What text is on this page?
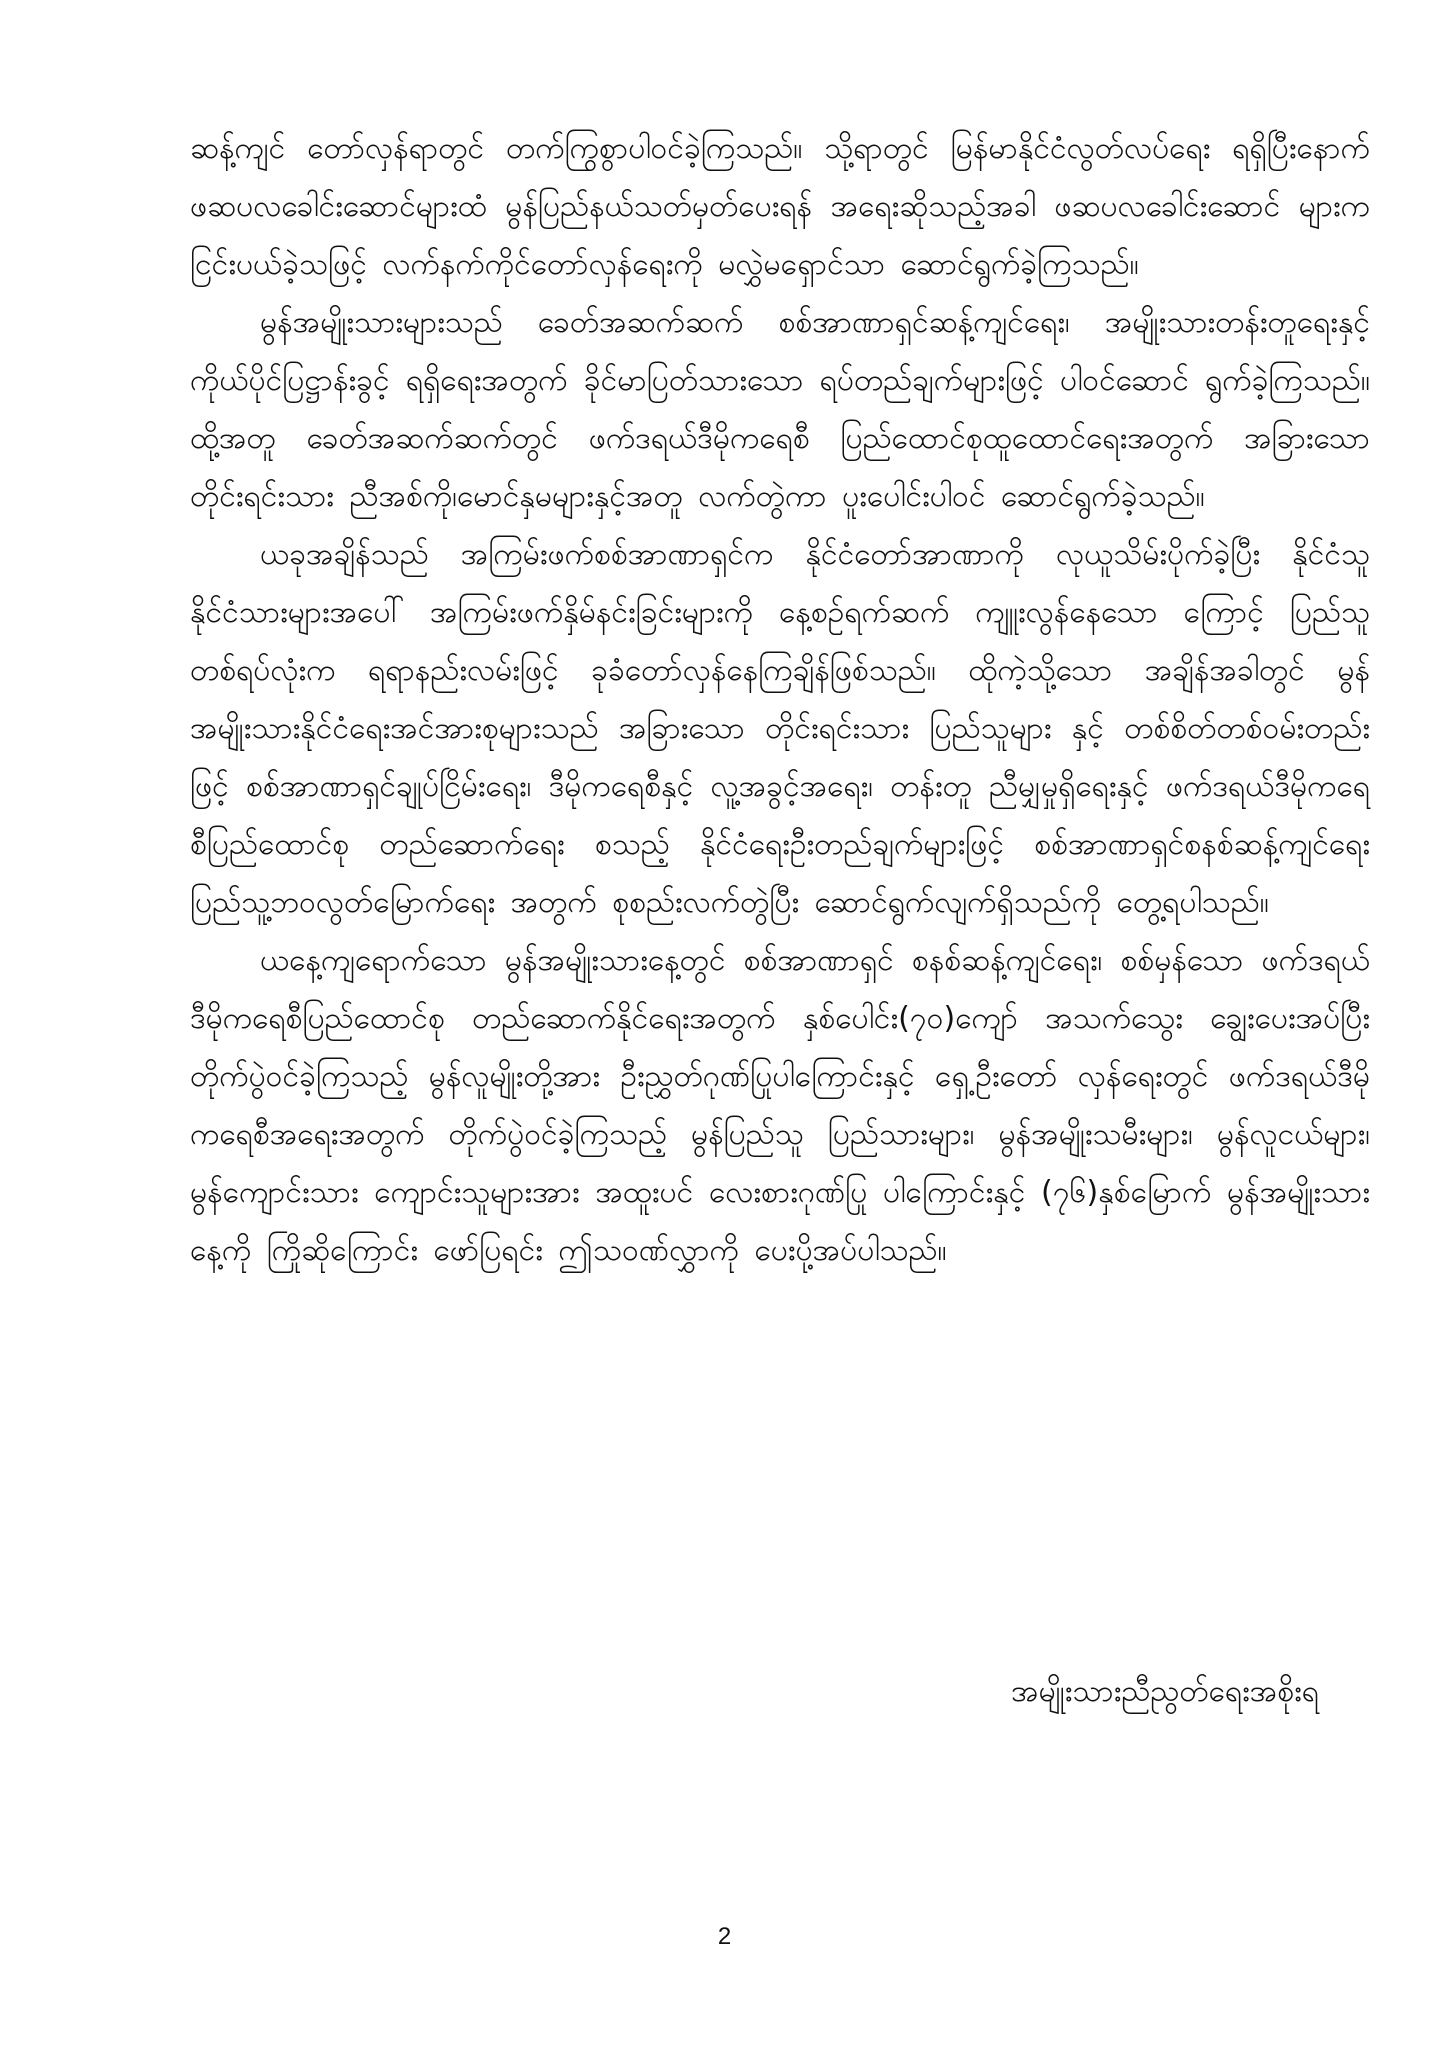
ဆန့်ကျင် တော်လှန်ရာတွင် တက်ကြွစွာပါဝင်ခဲ့ကြသည်။ သို့ရာတွင် မြန်မာနိုင်ငံလွတ်လပ်ရေး ရရှိပြီးနောက် ဖဆပလခေါင်းဆောင်များထံ မွန်ပြည်နယ်သတ်မှတ်ပေးရန် အရေးဆိုသည့်အခါ ဖဆပလခေါင်းဆောင် များက ငြင်းပယ်ခဲ့သဖြင့် လက်နက်ကိုင်တော်လှန်ရေးကို မလွှဲမရှောင်သာ ဆောင်ရွက်ခဲ့ကြသည်။

မွန်အမျိုးသားများသည် ခေတ်အဆက်ဆက် စစ်အာဏာရှင်ဆန့်ကျင်ရေး၊ အမျိုးသားတန်းတူရေးနှင့် ကိုယ်ပိုင်ပြဋ္ဌာန်းခွင့် ရရှိရေးအတွက် ခိုင်မာပြတ်သားသော ရပ်တည်ချက်များဖြင့် ပါဝင်ဆောင် ရွက်ခဲ့ကြသည်။ ထို့အတူ ခေတ်အဆက်ဆက်တွင် ဖက်ဒရယ်ဒီမိုကရေစီ ပြည်ထောင်စုထူထောင်ရေးအတွက် အခြားသော တိုင်းရင်းသား ညီအစ်ကို၊မောင်နှမများနှင့်အတူ လက်တွဲကာ ပူးပေါင်းပါဝင် ဆောင်ရွက်ခဲ့သည်။

ယခုအချိန်သည် အကြမ်းဖက်စစ်အာဏာရှင်က နိုင်ငံတော်အာဏာကို လုယူသိမ်းပိုက်ခဲ့ပြီး နိုင်ငံသူ နိုင်ငံသားများအပေါ် အကြမ်းဖက်နှိမ်နင်းခြင်းများကို နေ့စဉ်ရက်ဆက် ကျူးလွန်နေသော ကြောင့် ပြည်သူတစ်ရပ်လုံးက ရရာနည်းလမ်းဖြင့် ခုခံတော်လှန်နေကြချိန်ဖြစ်သည်။ ထိုကဲ့သို့သော အချိန်အခါတွင် မွန်အမျိုးသားနိုင်ငံရေးအင်အားစုများသည် အခြားသော တိုင်းရင်းသား ပြည်သူများ နှင့် တစ်စိတ်တစ်ဝမ်းတည်းဖြင့် စစ်အာဏာရှင်ချုပ်ငြိမ်းရေး၊ ဒီမိုကရေစီနှင့် လူ့အခွင့်အရေး၊ တန်းတူ ညီမျှမှုရှိရေးနှင့် ဖက်ဒရယ်ဒီမိုကရေစီပြည်ထောင်စု တည်ဆောက်ရေး စသည့် နိုင်ငံရေးဦးတည်ချက်များဖြင့် စစ်အာဏာရှင်စနစ်ဆန့်ကျင်ရေး ပြည်သူ့ဘဝလွတ်မြောက်ရေး အတွက် စုစည်းလက်တွဲပြီး ဆောင်ရွက်လျက်ရှိသည်ကို တွေ့ရပါသည်။

ယနေ့ကျရောက်သော မွန်အမျိုးသားနေ့တွင် စစ်အာဏာရှင် စနစ်ဆန့်ကျင်ရေး၊ စစ်မှန်သော ဖက်ဒရယ်ဒီမိုကရေစီပြည်ထောင်စု တည်ဆောက်နိုင်ရေးအတွက် နှစ်ပေါင်း(၇၀)ကျော် အသက်သွေး ချွေးပေးအပ်ပြီး တိုက်ပွဲဝင်ခဲ့ကြသည့် မွန်လူမျိုးတို့အား ဦးညွှတ်ဂုဏ်ပြုပါကြောင်းနှင့် ရှေ့ဦးတော် လှန်ရေးတွင် ဖက်ဒရယ်ဒီမိုကရေစီအရေးအတွက် တိုက်ပွဲဝင်ခဲ့ကြသည့် မွန်ပြည်သူ ပြည်သားများ၊ မွန်အမျိုးသမီးများ၊ မွန်လူငယ်များ၊ မွန်ကျောင်းသား ကျောင်းသူများအား အထူးပင် လေးစားဂုဏ်ပြု ပါကြောင်းနှင့် (၇၆)နှစ်မြောက် မွန်အမျိုးသားနေ့ကို ကြိုဆိုကြောင်း ဖော်ပြရင်း ဤသဝဏ်လွှာကို ပေးပို့အပ်ပါသည်။

အမျိုးသားညီညွတ်ရေးအစိုးရ
2
